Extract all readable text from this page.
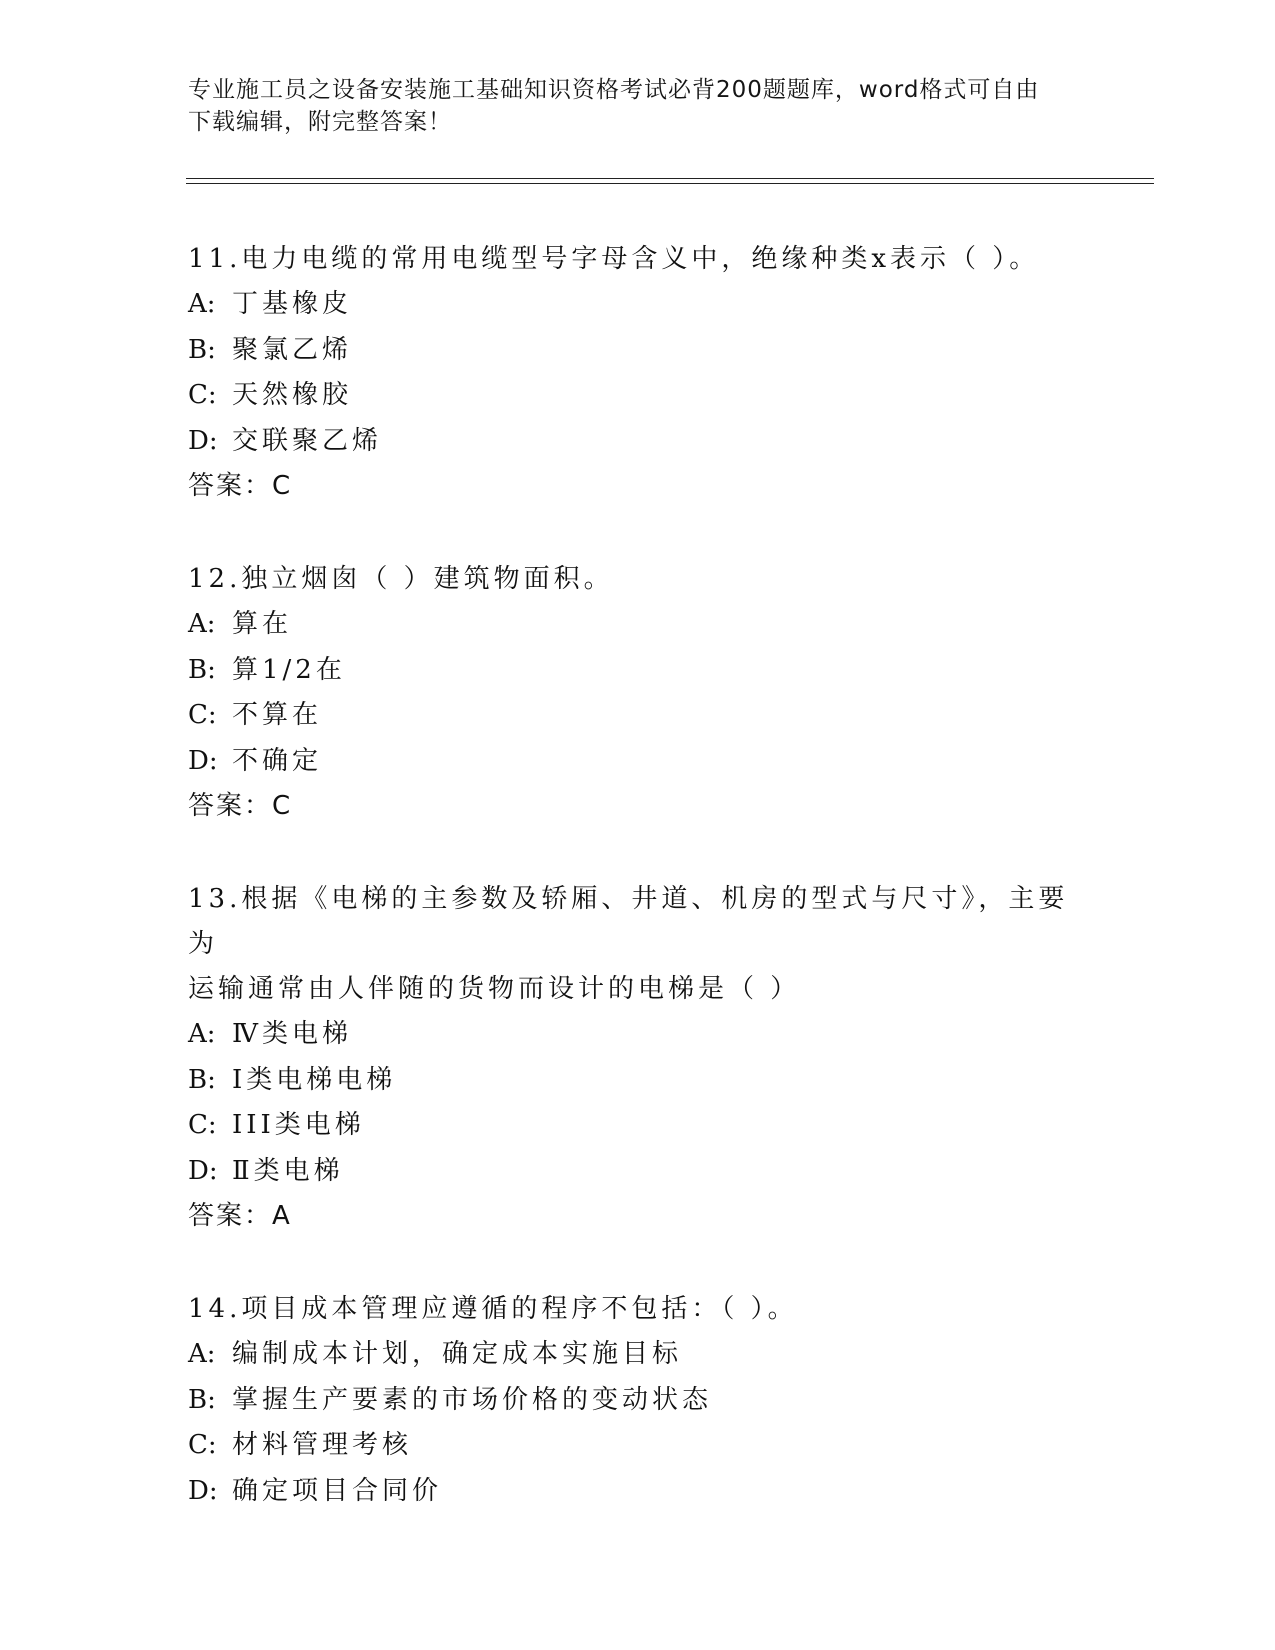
专业施工员之设备安装施工基础知识资格考试必背200题题库，word格式可自由
下载编辑，附完整答案！
11.电力电缆的常用电缆型号字母含义中，绝缘种类x表示（ ）。
A: 丁基橡皮
B: 聚氯乙烯
C: 天然橡胶
D: 交联聚乙烯
答案：C
12.独立烟囱（ ）建筑物面积。
A: 算在
B: 算1/2在
C: 不算在
D: 不确定
答案：C
13.根据《电梯的主参数及轿厢、井道、机房的型式与尺寸》，主要为
运输通常由人伴随的货物而设计的电梯是（ ）
A: Ⅳ类电梯
B: Ⅰ类电梯电梯
C: III类电梯
D: Ⅱ类电梯
答案：A
14.项目成本管理应遵循的程序不包括：（ ）。
A: 编制成本计划，确定成本实施目标
B: 掌握生产要素的市场价格的变动状态
C: 材料管理考核
D: 确定项目合同价
